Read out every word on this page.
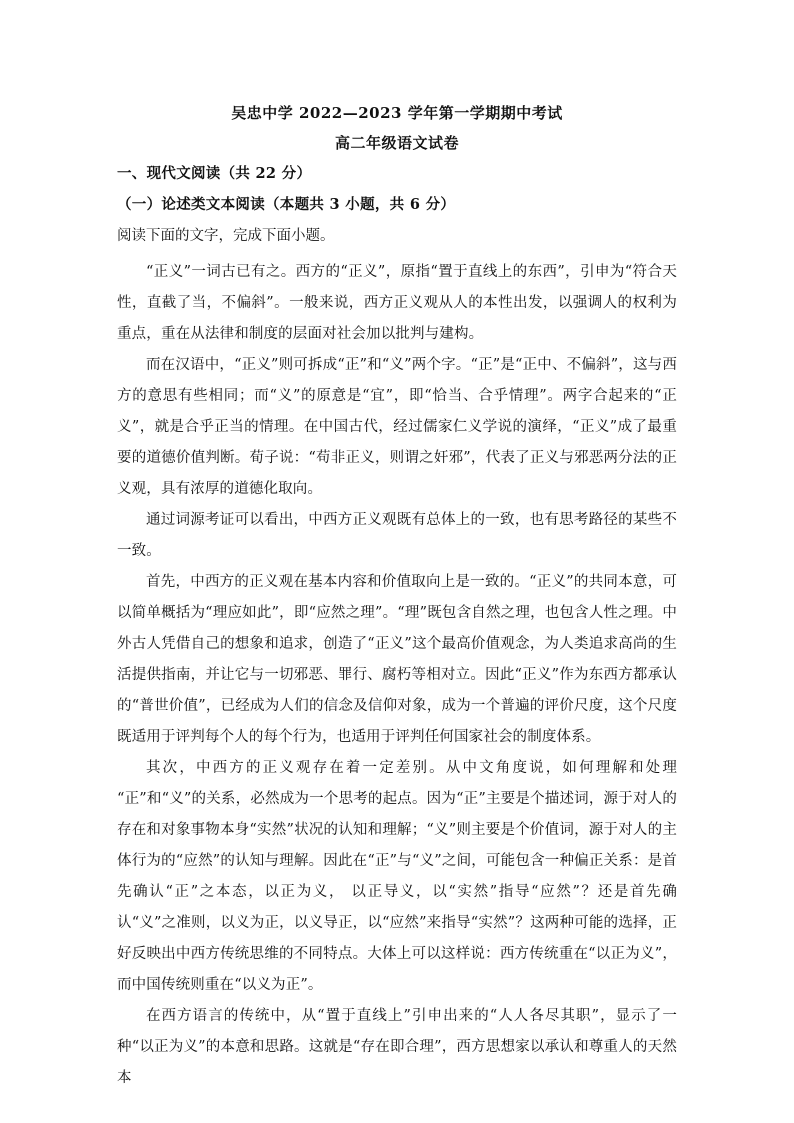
吴忠中学 2022—2023 学年第一学期期中考试
高二年级语文试卷
一、现代文阅读（共 22 分）
（一）论述类文本阅读（本题共 3 小题，共 6 分）
阅读下面的文字，完成下面小题。

“正义”一词古已有之。西方的“正义”，原指“置于直线上的东西”，引申为“符合天性，直截了当，不偏斜”。一般来说，西方正义观从人的本性出发，以强调人的权利为重点，重在从法律和制度的层面对社会加以批判与建构。

而在汉语中，“正义”则可拆成“正”和“义”两个字。“正”是“正中、不偏斜”，这与西方的意思有些相同；而“义”的原意是“宜”，即“恰当、合乎情理”。两字合起来的“正义”，就是合乎正当的情理。在中国古代，经过儒家仁义学说的演绎，“正义”成了最重要的道德价值判断。荀子说：“苟非正义，则谓之奸邪”，代表了正义与邪恶两分法的正义观，具有浓厚的道德化取向。

通过词源考证可以看出，中西方正义观既有总体上的一致，也有思考路径的某些不一致。

首先，中西方的正义观在基本内容和价值取向上是一致的。“正义”的共同本意，可以简单概括为“理应如此”，即“应然之理”。“理”既包含自然之理，也包含人性之理。中外古人凭借自己的想象和追求，创造了“正义”这个最高价值观念，为人类追求高尚的生活提供指南，并让它与一切邪恶、罪行、腐朽等相对立。因此“正义”作为东西方都承认的“普世价值”，已经成为人们的信念及信仰对象，成为一个普遍的评价尺度，这个尺度既适用于评判每个人的每个行为，也适用于评判任何国家社会的制度体系。

其次，中西方的正义观存在着一定差别。从中文角度说，如何理解和处理 “正”和“义”的关系，必然成为一个思考的起点。因为“正”主要是个描述词，源于对人的存在和对象事物本身“实然”状况的认知和理解；“义”则主要是个价值词，源于对人的主体行为的“应然”的认知与理解。因此在“正”与“义”之间，可能包含一种偏正关系：是首先确认“正”之本态，以正为义， 以正导义，以“实然”指导“应然”？还是首先确认“义”之准则，以义为正，以义导正，以“应然”来指导“实然”？这两种可能的选择，正好反映出中西方传统思维的不同特点。大体上可以这样说：西方传统重在“以正为义”，而中国传统则重在“以义为正”。

在西方语言的传统中，从“置于直线上”引申出来的“人人各尽其职”，显示了一种“以正为义”的本意和思路。这就是“存在即合理”，西方思想家以承认和尊重人的天然本
